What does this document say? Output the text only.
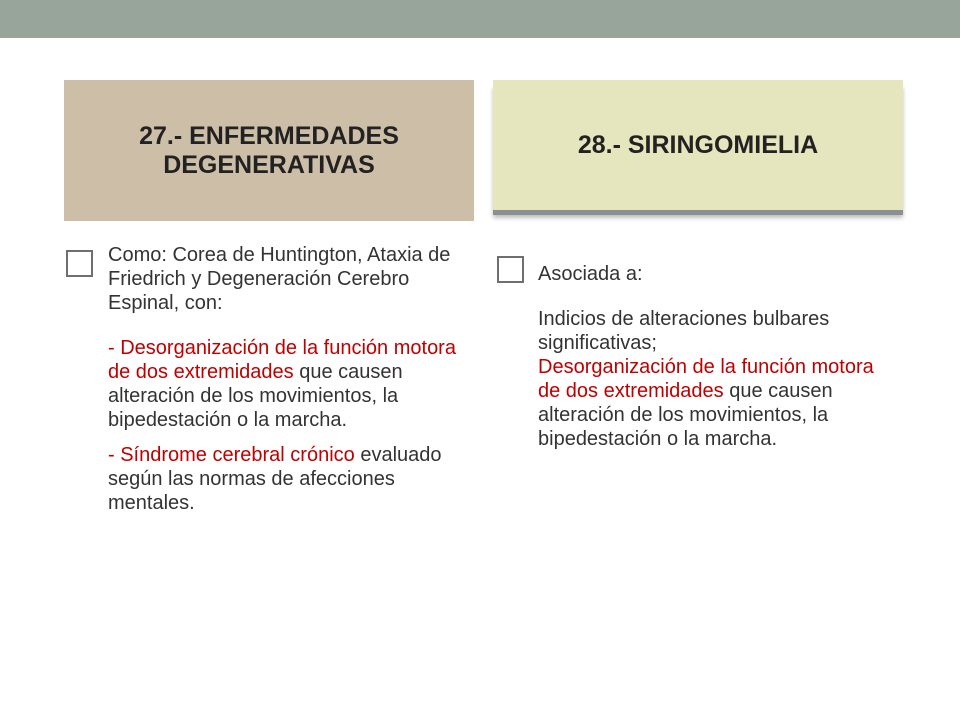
27.- ENFERMEDADES
DEGENERATIVAS
28.- SIRINGOMIELIA

Como: Corea de Huntington, Ataxia de Friedrich y Degeneración Cerebro Espinal, con:

- Desorganización de la función motora de dos extremidades que causen alteración de los movimientos, la bipedestación o la marcha.

- Síndrome cerebral crónico evaluado según las normas de afecciones mentales.

Asociada a:

Indicios de alteraciones bulbares significativas;

Desorganización de la función motora de dos extremidades que causen alteración de los movimientos, la bipedestación o la marcha.
